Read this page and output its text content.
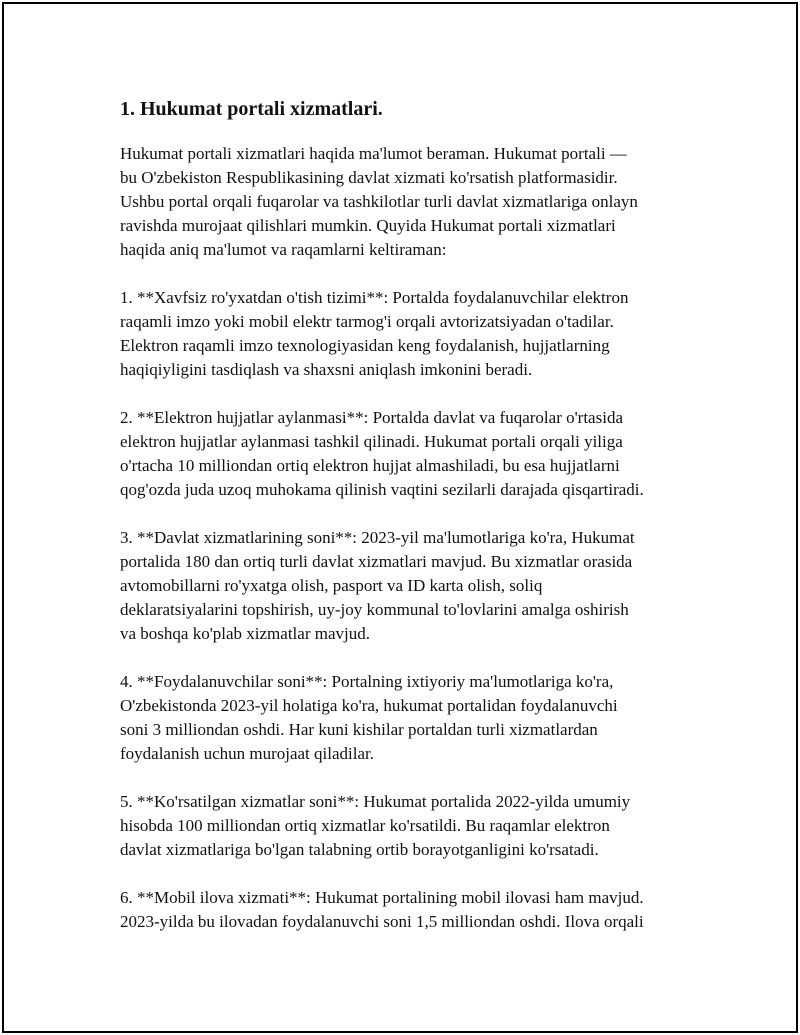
1. Hukumat portali xizmatlari.

Hukumat portali xizmatlari haqida ma'lumot beraman. Hukumat portali —
bu O'zbekiston Respublikasining davlat xizmati ko'rsatish platformasidir.
Ushbu portal orqali fuqarolar va tashkilotlar turli davlat xizmatlariga onlayn
ravishda murojaat qilishlari mumkin. Quyida Hukumat portali xizmatlari
haqida aniq ma'lumot va raqamlarni keltiraman:

1. **Xavfsiz ro'yxatdan o'tish tizimi**: Portalda foydalanuvchilar elektron
raqamli imzo yoki mobil elektr tarmog'i orqali avtorizatsiyadan o'tadilar.
Elektron raqamli imzo texnologiyasidan keng foydalanish, hujjatlarning
haqiqiyligini tasdiqlash va shaxsni aniqlash imkonini beradi.

2. **Elektron hujjatlar aylanmasi**: Portalda davlat va fuqarolar o'rtasida
elektron hujjatlar aylanmasi tashkil qilinadi. Hukumat portali orqali yiliga
o'rtacha 10 milliondan ortiq elektron hujjat almashiladi, bu esa hujjatlarni
qog'ozda juda uzoq muhokama qilinish vaqtini sezilarli darajada qisqartiradi.

3. **Davlat xizmatlarining soni**: 2023-yil ma'lumotlariga ko'ra, Hukumat
portalida 180 dan ortiq turli davlat xizmatlari mavjud. Bu xizmatlar orasida
avtomobillarni ro'yxatga olish, pasport va ID karta olish, soliq
deklaratsiyalarini topshirish, uy-joy kommunal to'lovlarini amalga oshirish
va boshqa ko'plab xizmatlar mavjud.

4. **Foydalanuvchilar soni**: Portalning ixtiyoriy ma'lumotlariga ko'ra,
O'zbekistonda 2023-yil holatiga ko'ra, hukumat portalidan foydalanuvchi
soni 3 milliondan oshdi. Har kuni kishilar portaldan turli xizmatlardan
foydalanish uchun murojaat qiladilar.

5. **Ko'rsatilgan xizmatlar soni**: Hukumat portalida 2022-yilda umumiy
hisobda 100 milliondan ortiq xizmatlar ko'rsatildi. Bu raqamlar elektron
davlat xizmatlariga bo'lgan talabning ortib borayotganligini ko'rsatadi.

6. **Mobil ilova xizmati**: Hukumat portalining mobil ilovasi ham mavjud.
2023-yilda bu ilovadan foydalanuvchi soni 1,5 milliondan oshdi. Ilova orqali
